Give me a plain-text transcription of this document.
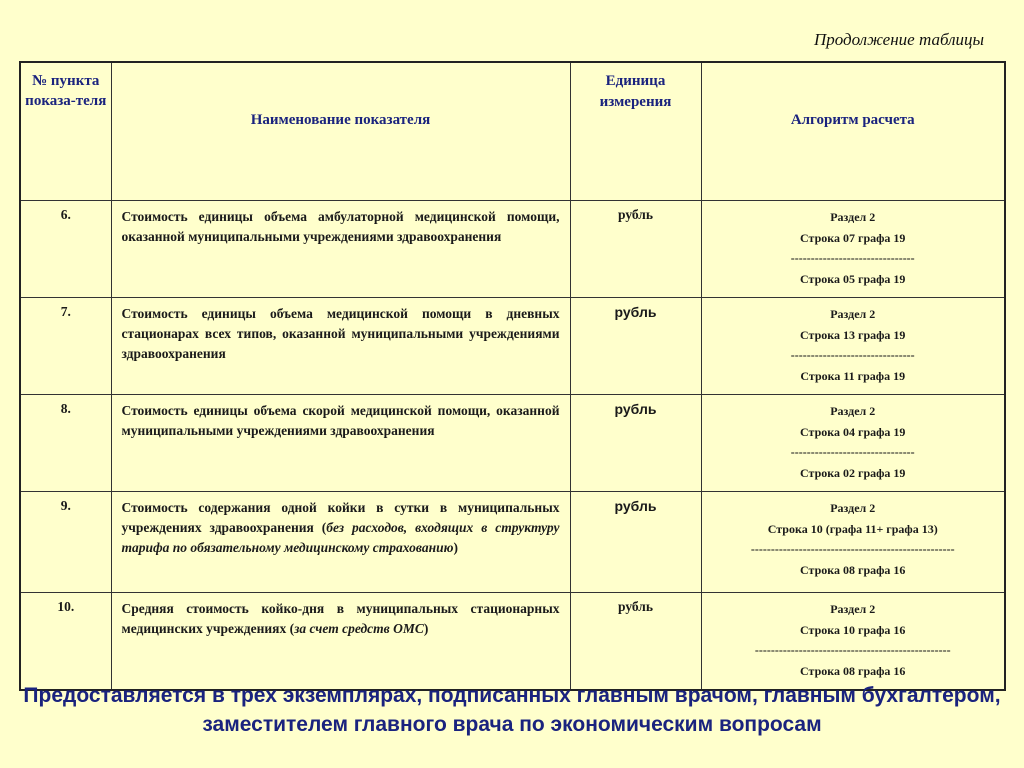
Продолжение таблицы
№ пункта показа-теля	Наименование показателя	Единица измерения	Алгоритм расчета
6.	Стоимость единицы объема амбулаторной медицинской помощи, оказанной муниципальными учреждениями здравоохранения	рубль	Раздел 2
Строка 07 графа 19
-------------------------------
Строка 05 графа 19

7.	Стоимость единицы объема медицинской помощи в дневных стационарах всех типов, оказанной муниципальными учреждениями здравоохранения	рубль	Раздел 2
Строка 13 графа 19
-------------------------------
Строка 11 графа 19

8.	Стоимость единицы объема скорой медицинской помощи, оказанной муниципальными учреждениями здравоохранения	рубль	Раздел 2
Строка 04 графа 19
-------------------------------
Строка 02 графа 19

9.	Стоимость содержания одной койки в сутки в муниципальных учреждениях здравоохранения (без расходов, входящих в структуру тарифа по обязательному медицинскому страхованию)	рубль	Раздел 2
Строка 10 (графа 11+ графа 13)
---------------------------------------------------
Строка 08 графа 16

10.	Средняя стоимость койко-дня в муниципальных стационарных медицинских учреждениях (за счет средств ОМС)	рубль	Раздел 2
Строка 10 графа 16
-------------------------------------------------
Строка 08 графа 16
Предоставляется в трех экземплярах, подписанных главным врачом, главным бухгалтером, заместителем главного врача по экономическим вопросам
